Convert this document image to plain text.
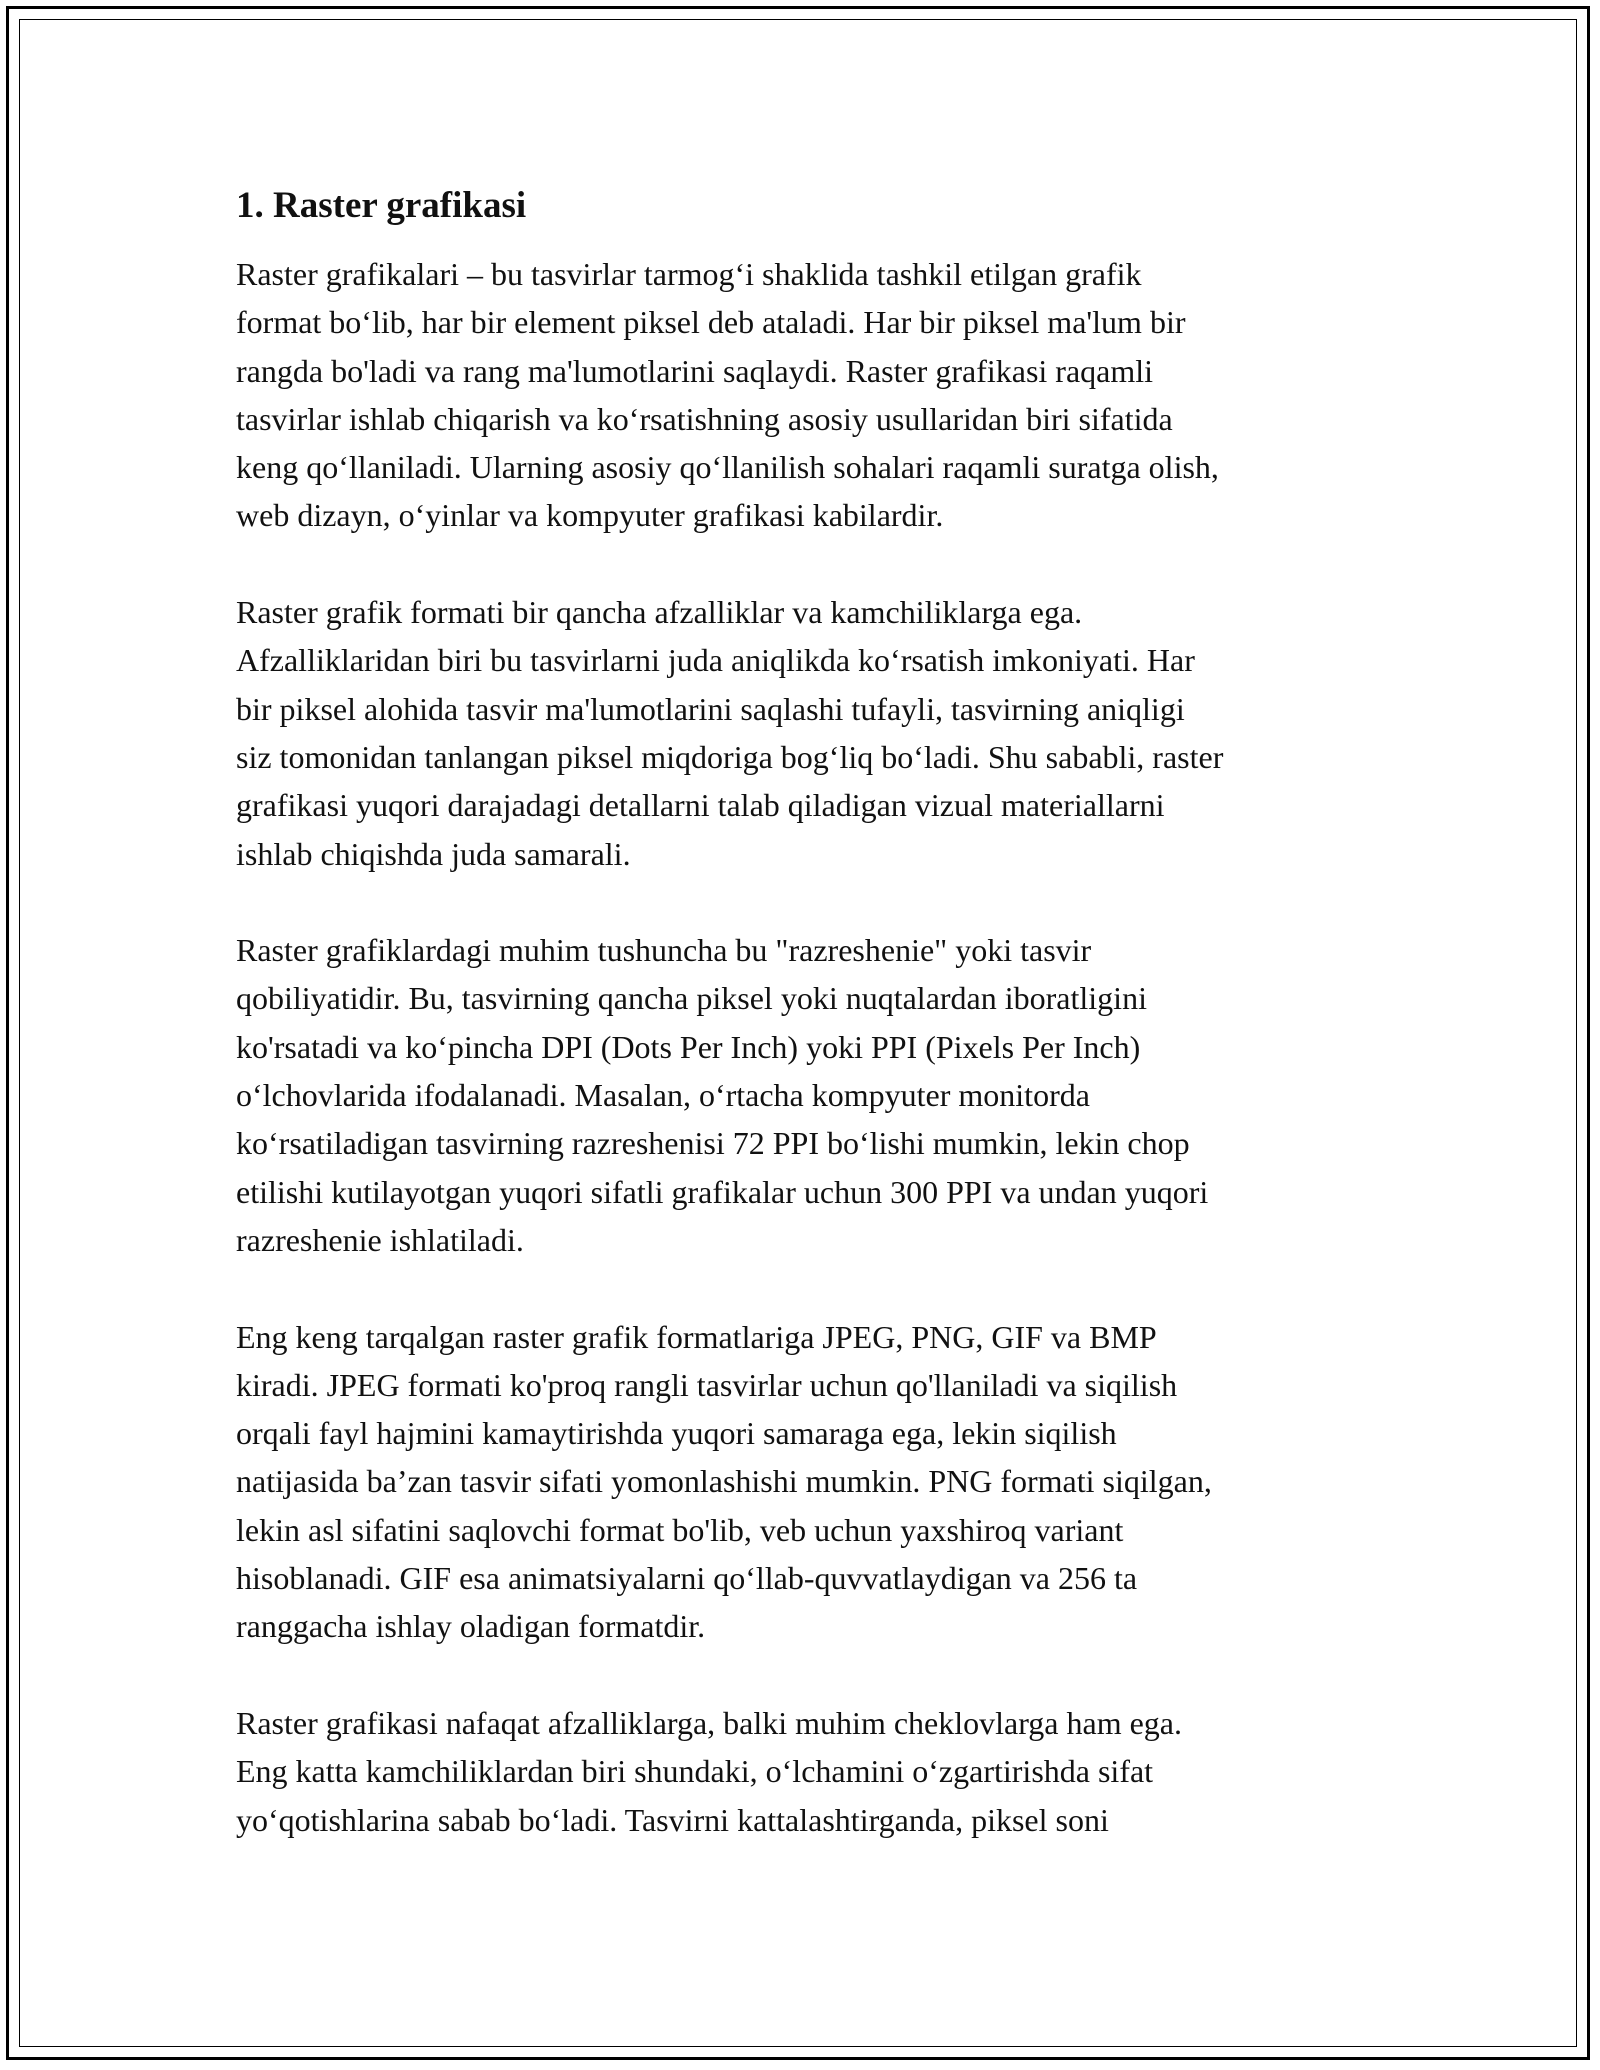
1. Raster grafikasi
Raster grafikalari – bu tasvirlar tarmog‘i shaklida tashkil etilgan grafik
format bo‘lib, har bir element piksel deb ataladi. Har bir piksel ma'lum bir
rangda bo'ladi va rang ma'lumotlarini saqlaydi. Raster grafikasi raqamli
tasvirlar ishlab chiqarish va ko‘rsatishning asosiy usullaridan biri sifatida
keng qo‘llaniladi. Ularning asosiy qo‘llanilish sohalari raqamli suratga olish,
web dizayn, o‘yinlar va kompyuter grafikasi kabilardir.
Raster grafik formati bir qancha afzalliklar va kamchiliklarga ega.
Afzalliklaridan biri bu tasvirlarni juda aniqlikda ko‘rsatish imkoniyati. Har
bir piksel alohida tasvir ma'lumotlarini saqlashi tufayli, tasvirning aniqligi
siz tomonidan tanlangan piksel miqdoriga bog‘liq bo‘ladi. Shu sababli, raster
grafikasi yuqori darajadagi detallarni talab qiladigan vizual materiallarni
ishlab chiqishda juda samarali.
Raster grafiklardagi muhim tushuncha bu "razreshenie" yoki tasvir
qobiliyatidir. Bu, tasvirning qancha piksel yoki nuqtalardan iboratligini
ko'rsatadi va ko‘pincha DPI (Dots Per Inch) yoki PPI (Pixels Per Inch)
o‘lchovlarida ifodalanadi. Masalan, o‘rtacha kompyuter monitorda
ko‘rsatiladigan tasvirning razreshenisi 72 PPI bo‘lishi mumkin, lekin chop
etilishi kutilayotgan yuqori sifatli grafikalar uchun 300 PPI va undan yuqori
razreshenie ishlatiladi.
Eng keng tarqalgan raster grafik formatlariga JPEG, PNG, GIF va BMP
kiradi. JPEG formati ko'proq rangli tasvirlar uchun qo'llaniladi va siqilish
orqali fayl hajmini kamaytirishda yuqori samaraga ega, lekin siqilish
natijasida ba’zan tasvir sifati yomonlashishi mumkin. PNG formati siqilgan,
lekin asl sifatini saqlovchi format bo'lib, veb uchun yaxshiroq variant
hisoblanadi. GIF esa animatsiyalarni qo‘llab-quvvatlaydigan va 256 ta
ranggacha ishlay oladigan formatdir.
Raster grafikasi nafaqat afzalliklarga, balki muhim cheklovlarga ham ega.
Eng katta kamchiliklardan biri shundaki, o‘lchamini o‘zgartirishda sifat
yo‘qotishlarina sabab bo‘ladi. Tasvirni kattalashtirganda, piksel soni
